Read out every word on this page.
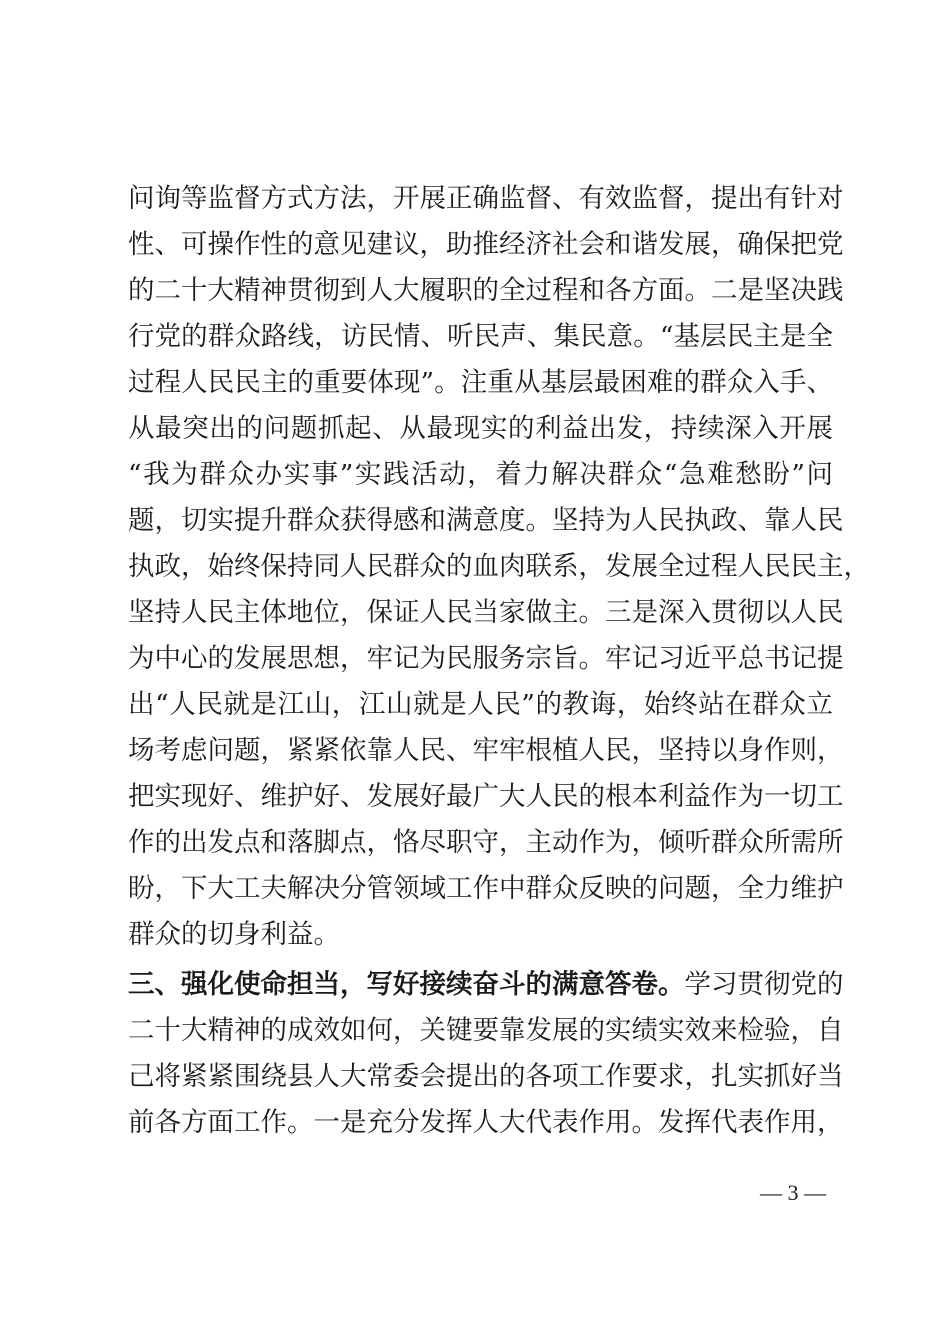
问询等监督方式方法，开展正确监督、有效监督，提出有针对
性、可操作性的意见建议，助推经济社会和谐发展，确保把党
的二十大精神贯彻到人大履职的全过程和各方面。二是坚决践
行党的群众路线，访民情、听民声、集民意。“基层民主是全
过程人民民主的重要体现”。注重从基层最困难的群众入手、
从最突出的问题抓起、从最现实的利益出发，持续深入开展
“我为群众办实事”实践活动，着力解决群众“急难愁盼”问
题，切实提升群众获得感和满意度。坚持为人民执政、靠人民
执政，始终保持同人民群众的血肉联系，发展全过程人民民主，
坚持人民主体地位，保证人民当家做主。三是深入贯彻以人民
为中心的发展思想，牢记为民服务宗旨。牢记习近平总书记提
出“人民就是江山，江山就是人民”的教诲，始终站在群众立
场考虑问题，紧紧依靠人民、牢牢根植人民，坚持以身作则，
把实现好、维护好、发展好最广大人民的根本利益作为一切工
作的出发点和落脚点，恪尽职守，主动作为，倾听群众所需所
盼，下大工夫解决分管领域工作中群众反映的问题，全力维护
群众的切身利益。
三、强化使命担当，写好接续奋斗的满意答卷。学习贯彻党的
二十大精神的成效如何，关键要靠发展的实绩实效来检验，自
己将紧紧围绕县人大常委会提出的各项工作要求，扎实抓好当
前各方面工作。一是充分发挥人大代表作用。发挥代表作用，
— 3 —
